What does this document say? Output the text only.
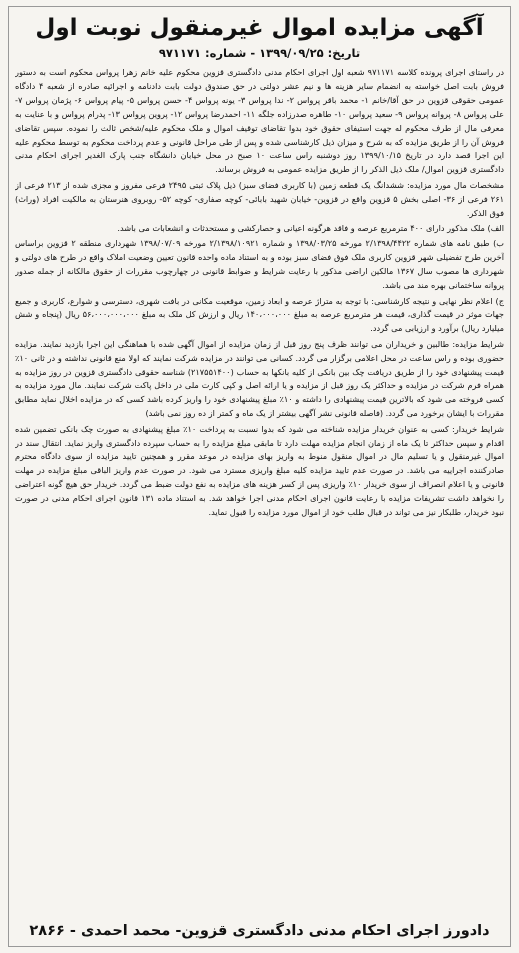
آگهی مزایده اموال غیرمنقول نوبت اول
تاریخ: ۱۳۹۹/۰۹/۲۵ - شماره: ۹۷۱۱۷۱

در راستای اجرای پرونده کلاسه ۹۷۱۱۷۱ شعبه اول اجرای احکام مدنی دادگستری قزوین محکوم علیه خانم زهرا پرواس محکوم است به دستور فروش بابت اصل خواسته به انضمام سایر هزینه ها و نیم عشر دولتی در حق صندوق دولت بابت دادنامه و اجرائیه صادره از شعبه ۴ دادگاه عمومی حقوقی قزوین در حق آقا/خانم ۱- محمد باقر پرواس ۲- ندا پرواس ۳- یونه پرواس ۴- حسن پرواس ۵- پیام پرواس ۶- پژمان پرواس ۷- علی پرواس ۸- پروانه پرواس ۹- سعید پرواس ۱۰- طاهره صدرزاده جلگه ۱۱- احمدرضا پرواس ۱۲- پروین پرواس ۱۳- پدرام پرواس و با عنایت به معرفی مال از طرف محکوم له جهت استیفای حقوق خود بدوا تقاضای توقیف اموال و ملک محکوم علیه/شخص ثالث را نموده. سپس تقاضای فروش آن را از طریق مزایده که به شرح و میزان ذیل کارشناسی شده و پس از طی مراحل قانونی و عدم پرداخت محکوم به توسط محکوم علیه این اجرا قصد دارد در تاریخ ۱۳۹۹/۱۰/۱۵ روز دوشنبه راس ساعت ۱۰ صبح در محل خیابان دانشگاه جنب پارک الغدیر اجرای احکام مدنی دادگستری قزوین اموال/ ملک ذیل الذکر را از طریق مزایده عمومی به فروش برساند.

مشخصات مال مورد مزایده: ششدانگ یک قطعه زمین (با کاربری فضای سبز) ذیل پلاک ثبتی ۲۴۹۵ فرعی مفروز و مجزی شده از ۲۱۳ فرعی از ۲۶۱ فرعی از ۳۶- اصلی بخش ۵ قزوین واقع در قزوین- خیابان شهید بابائی- کوچه صفاری- کوچه ۵۲- روبروی هنرستان به مالکیت افراد (وراث) فوق الذکر.

الف) ملک مذکور دارای ۴۰۰ مترمربع عرصه و فاقد هرگونه اعیانی و حصارکشی و مستحدثات و انشعابات می باشد.

ب) طبق نامه های شماره ۲/۱۳۹۸/۴۴۲۲ مورخه ۱۳۹۸/۰۳/۲۵ و شماره ۲/۱۳۹۸/۱۰۹۲۱ مورخه ۱۳۹۸/۰۷/۰۹ شهرداری منطقه ۲ قزوین براساس آخرین طرح تفضیلی شهر قزوین کاربری ملک فوق فضای سبز بوده و به استناد ماده واحده قانون تعیین وضعیت املاک واقع در طرح های دولتی و شهرداری ها مصوب سال ۱۳۶۷ مالکین اراضی مذکور با رعایت شرایط و ضوابط قانونی در چهارچوب مقررات از حقوق مالکانه از جمله صدور پروانه ساختمانی بهره مند می باشد.

ج) اعلام نظر نهایی و نتیجه کارشناسی: با توجه به متراژ عرصه و ابعاد زمین، موقعیت مکانی در بافت شهری، دسترسی و شوارع، کاربری و جمیع جهات موثر در قیمت گذاری، قیمت هر مترمربع عرصه به مبلغ ۱۴۰،۰۰۰،۰۰۰ ریال و ارزش کل ملک به مبلغ ۵۶،۰۰۰،۰۰۰،۰۰۰ ریال (پنجاه و شش میلیارد ریال) برآورد و ارزیابی می گردد.

شرایط مزایده: طالبین و خریداران می توانند ظرف پنج روز قبل از زمان مزایده از اموال آگهی شده با هماهنگی این اجرا بازدید نمایند. مزایده حضوری بوده و راس ساعت در محل اعلامی برگزار می گردد. کسانی می توانند در مزایده شرکت نمایند که اولا منع قانونی نداشته و در ثانی ۱۰٪ قیمت پیشنهادی خود را از طریق دریافت چک بین بانکی از کلیه بانکها به حساب (۲۱۷۵۵۱۴۰۰) شناسه حقوقی دادگستری قزوین در روز مزایده به همراه فرم شرکت در مزایده و حداکثر یک روز قبل از مزایده و یا ارائه اصل و کپی کارت ملی در داخل پاکت شرکت نمایند. مال مورد مزایده به کسی فروخته می شود که بالاترین قیمت پیشنهادی را داشته و ۱۰٪ مبلغ پیشنهادی خود را واریز کرده باشد کسی که در مزایده اخلال نماید مطابق مقررات با ایشان برخورد می گردد. (فاصله قانونی نشر آگهی بیشتر از یک ماه و کمتر از ده روز نمی باشد)

شرایط خریدار: کسی به عنوان خریدار مزایده شناخته می شود که بدوا نسبت به پرداخت ۱۰٪ مبلغ پیشنهادی به صورت چک بانکی تضمین شده اقدام و سپس حداکثر تا یک ماه از زمان انجام مزایده مهلت دارد تا مابقی مبلغ مزایده را به حساب سپرده دادگستری واریز نماید. انتقال سند در اموال غیرمنقول و یا تسلیم مال در اموال منقول منوط به واریز بهای مزایده در موعد مقرر و همچنین تایید مزایده از سوی دادگاه محترم صادرکننده اجراییه می باشد. در صورت عدم تایید مزایده کلیه مبلغ واریزی مسترد می شود. در صورت عدم واریز الباقی مبلغ مزایده در مهلت قانونی و یا اعلام انصراف از سوی خریدار ۱۰٪ واریزی پس از کسر هزینه های مزایده به نفع دولت ضبط می گردد. خریدار حق هیچ گونه اعتراضی را نخواهد داشت تشریفات مزایده با رعایت قانون اجرای احکام مدنی اجرا خواهد شد. به استناد ماده ۱۳۱ قانون اجرای احکام مدنی در صورت نبود خریدار، طلبکار نیز می تواند در قبال طلب خود از اموال مورد مزایده را قبول نماید.

دادورز اجرای احکام مدنی دادگستری قزوین- محمد احمدی - ۲۸۶۶
